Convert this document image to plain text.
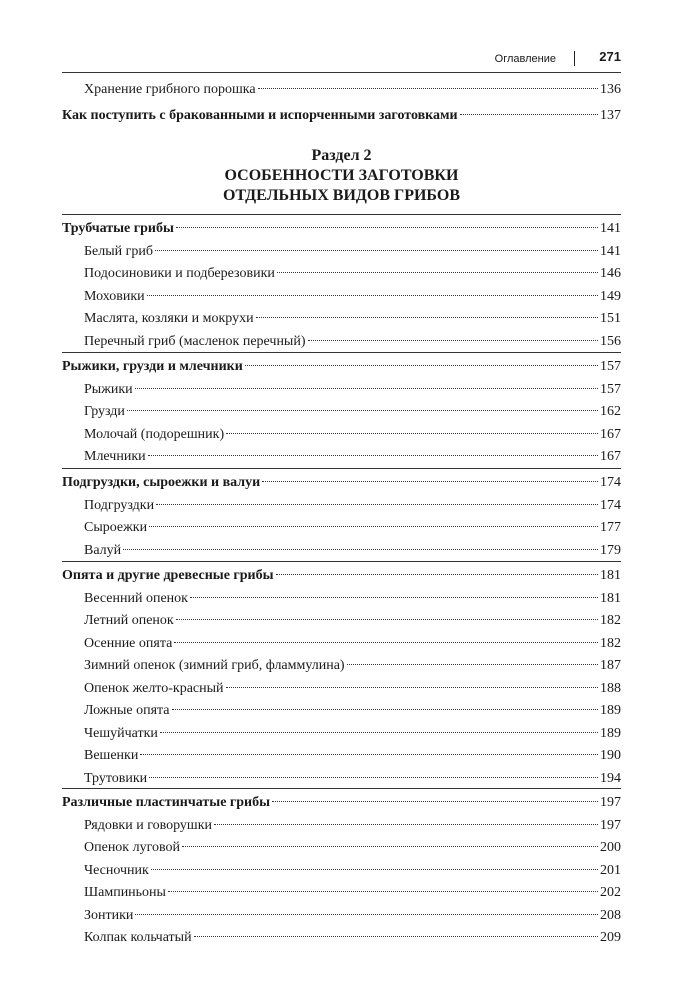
Оглавление	271
Хранение грибного порошка	136
Как поступить с бракованными и испорченными заготовками	137
Раздел 2
ОСОБЕННОСТИ ЗАГОТОВКИ
ОТДЕЛЬНЫХ ВИДОВ ГРИБОВ
Трубчатые грибы	141
Белый гриб	141
Подосиновики и подберезовики	146
Моховики	149
Маслята, козляки и мокрухи	151
Перечный гриб (масленок перечный)	156
Рыжики, грузди и млечники	157
Рыжики	157
Грузди	162
Молочай (подорешник)	167
Млечники	167
Подгруздки, сыроежки и валуи	174
Подгруздки	174
Сыроежки	177
Валуй	179
Опята и другие древесные грибы	181
Весенний опенок	181
Летний опенок	182
Осенние опята	182
Зимний опенок (зимний гриб, фламмулина)	187
Опенок желто-красный	188
Ложные опята	189
Чешуйчатки	189
Вешенки	190
Трутовики	194
Различные пластинчатые грибы	197
Рядовки и говорушки	197
Опенок луговой	200
Чесночник	201
Шампиньоны	202
Зонтики	208
Колпак кольчатый	209
